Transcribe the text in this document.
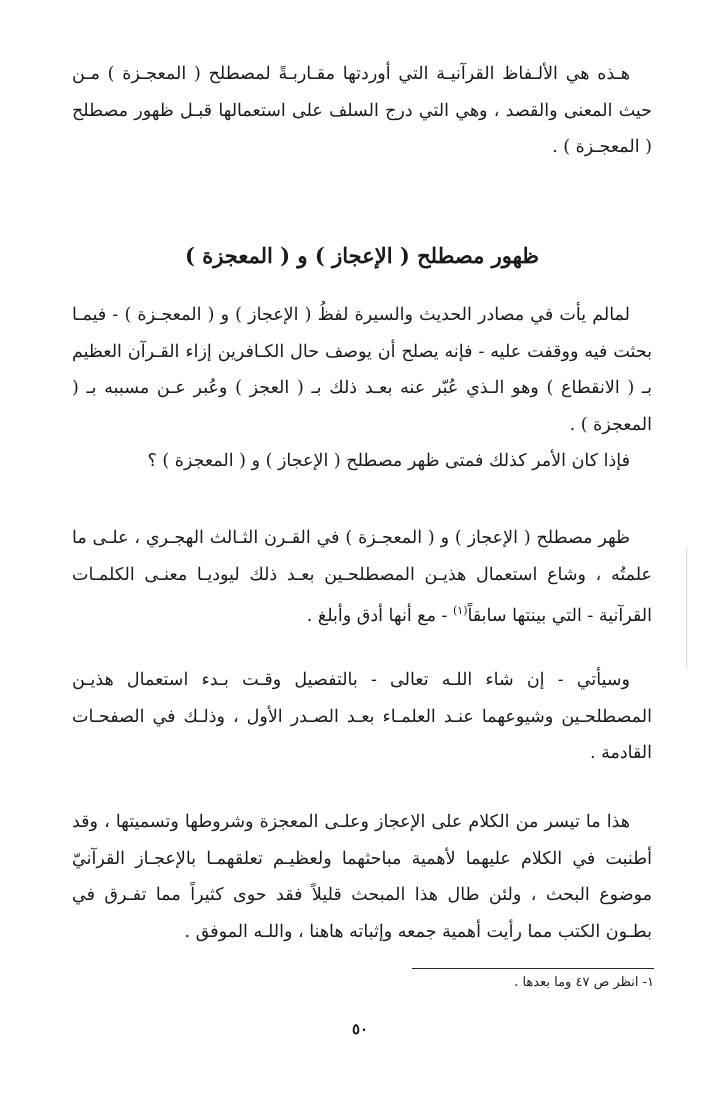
هـذه هي الألـفاظ القرآنيـة التي أوردتها مقـاربـةً لمصطلح ( المعجـزة ) مـن حيث المعنى والقصد ، وهي التي درج السلف على استعمالها قبـل ظهور مصطلح ( المعجـزة ) .

ظهور مصطلح ( الإعجاز ) و ( المعجزة )

لمالم يأت في مصادر الحديث والسيرة لفظُ ( الإعجاز ) و ( المعجـزة ) - فيمـا بحثت فيه ووقفت عليه - فإنه يصلح أن يوصف حال الكـافرين إزاء القـرآن العظيم بـ ( الانقطاع ) وهو الـذي عُبّر عنه بعـد ذلك بـ ( العجز ) وعُبر عـن مسببه بـ ( المعجزة ) .

فإذا كان الأمر كذلك فمتى ظهر مصطلح ( الإعجاز ) و ( المعجزة ) ؟

ظهر مصطلح ( الإعجاز ) و ( المعجـزة ) في القـرن الثـالث الهجـري ، علـى ما علمتُه ، وشاع استعمال هذيـن المصطلحـين بعـد ذلك ليوديـا معنـى الكلمـات القرآنية - التي بينتها سابقاً$^{(١)}$ - مع أنها أدق وأبلغ .

وسيأتي - إن شاء اللـه تعالى - بالتفصيل وقـت بـدء استعمال هذيـن المصطلحـين وشيوعهما عنـد العلمـاء بعـد الصـدر الأول ، وذلـك في الصفحـات القادمة .

هذا ما تيسر من الكلام على الإعجاز وعلـى المعجزة وشروطها وتسميتها ، وقد أطنبت في الكلام عليهما لأهمية مباحثهما ولعظيـم تعلقهمـا بالإعجـاز القرآنيّ موضوع البحث ، ولئن طال هذا المبحث قليلاً فقد حوى كثيراً مما تفـرق في بطـون الكتب مما رأيت أهمية جمعه وإثباته هاهنا ، واللـه الموفق .

١- انظر ص ٤٧ وما بعدها .
٥٠
